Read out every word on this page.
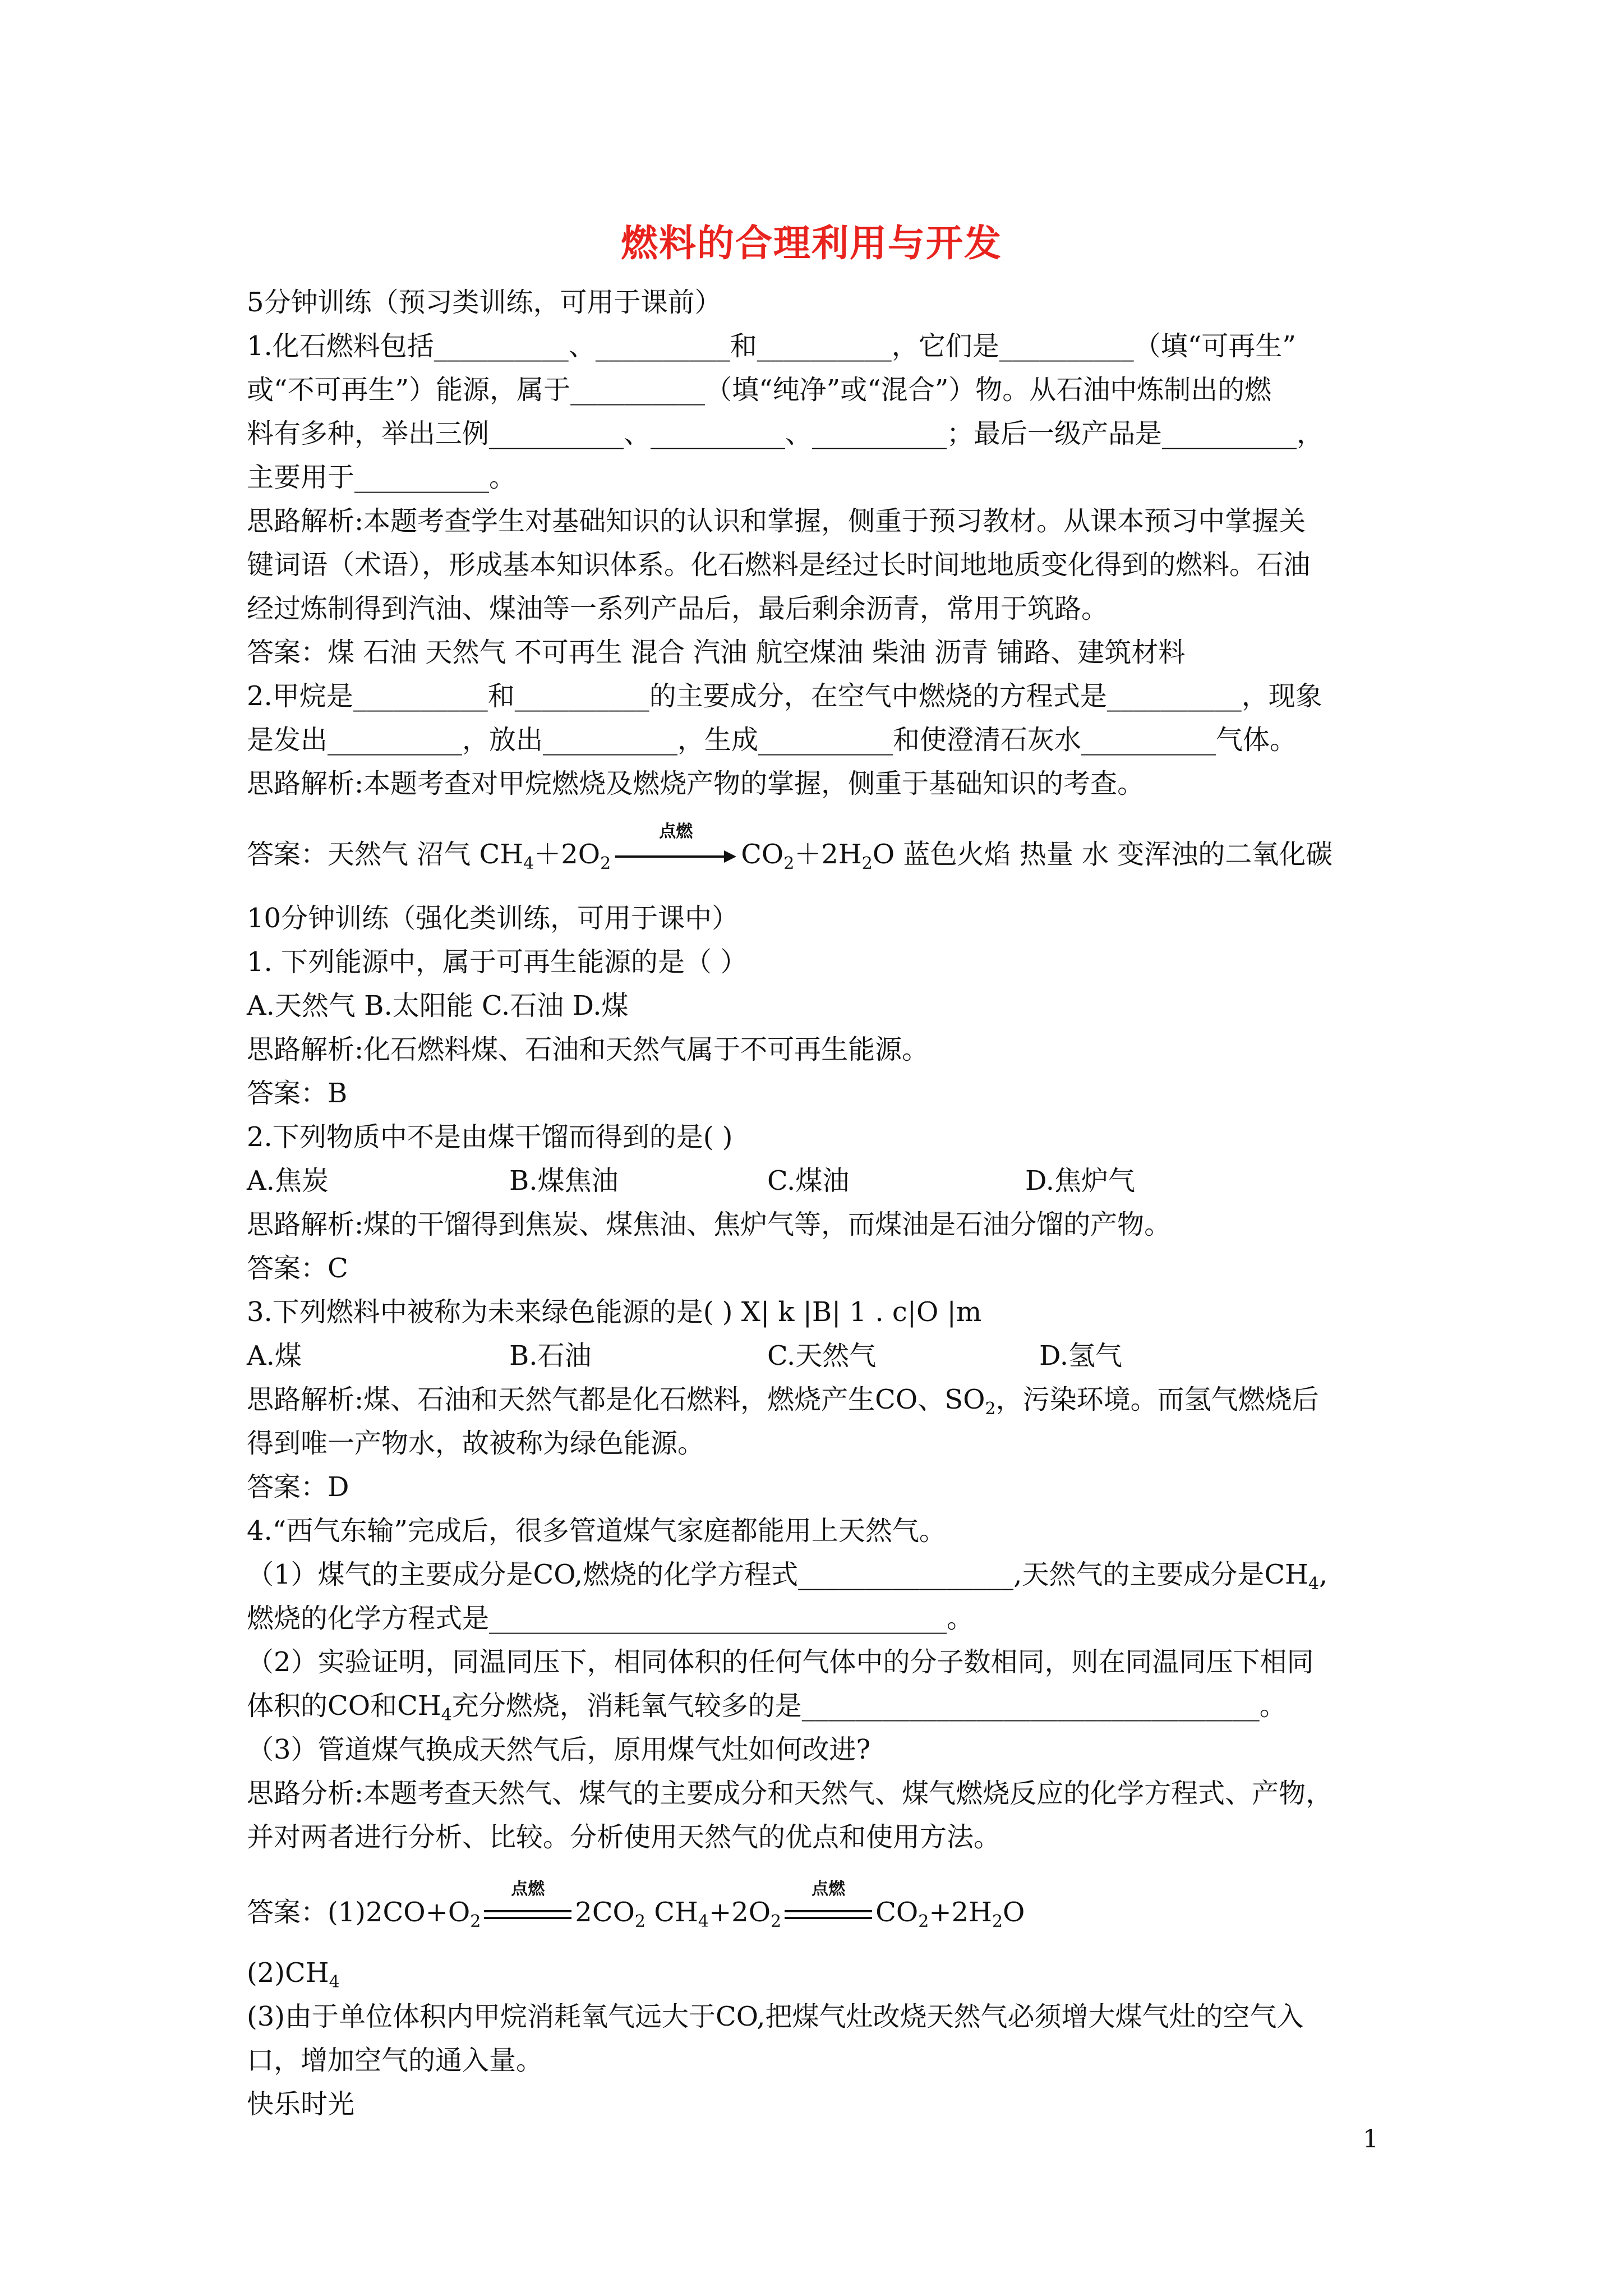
燃料的合理利用与开发
5分钟训练（预习类训练，可用于课前）
1.化石燃料包括__________、__________和__________，它们是__________（填“可再生”
或“不可再生”）能源，属于__________（填“纯净”或“混合”）物。从石油中炼制出的燃
料有多种，举出三例__________、__________、__________；最后一级产品是__________，
主要用于__________。
思路解析:本题考查学生对基础知识的认识和掌握，侧重于预习教材。从课本预习中掌握关
键词语（术语），形成基本知识体系。化石燃料是经过长时间地地质变化得到的燃料。石油
经过炼制得到汽油、煤油等一系列产品后，最后剩余沥青，常用于筑路。
答案：煤 石油 天然气 不可再生 混合 汽油 航空煤油 柴油 沥青 铺路、建筑材料
2.甲烷是__________和__________的主要成分，在空气中燃烧的方程式是__________，现象
是发出__________，放出__________，生成__________和使澄清石灰水__________气体。
思路解析:本题考查对甲烷燃烧及燃烧产物的掌握，侧重于基础知识的考查。
答案：天然气 沼气 $CH_4+2O_2$
点燃
$CO_2+2H_2O$ 蓝色火焰 热量 水 变浑浊的二氧化碳
10分钟训练（强化类训练，可用于课中）
1. 下列能源中，属于可再生能源的是（ ）
A.天然气 B.太阳能 C.石油 D.煤
思路解析:化石燃料煤、石油和天然气属于不可再生能源。
答案：B
2.下列物质中不是由煤干馏而得到的是( )
A.焦炭	B.煤焦油	C.煤油	D.焦炉气
思路解析:煤的干馏得到焦炭、煤焦油、焦炉气等，而煤油是石油分馏的产物。
答案：C
3.下列燃料中被称为未来绿色能源的是( ) X| k |B| 1 . c|O |m
A.煤	B.石油	C.天然气	D.氢气
思路解析:煤、石油和天然气都是化石燃料，燃烧产生CO、$SO_2$，污染环境。而氢气燃烧后
得到唯一产物水，故被称为绿色能源。
答案：D
4.“西气东输”完成后，很多管道煤气家庭都能用上天然气。
（1）煤气的主要成分是CO,燃烧的化学方程式________________,天然气的主要成分是$CH_4$,
燃烧的化学方程式是__________________________________。
（2）实验证明，同温同压下，相同体积的任何气体中的分子数相同，则在同温同压下相同
体积的CO和$CH_4$充分燃烧，消耗氧气较多的是__________________________________。
（3）管道煤气换成天然气后，原用煤气灶如何改进?
思路分析:本题考查天然气、煤气的主要成分和天然气、煤气燃烧反应的化学方程式、产物，
并对两者进行分析、比较。分析使用天然气的优点和使用方法。
答案：$(1)2CO+O_2$
点燃
$2CO_2$ $CH_4+2O_2$
点燃
$CO_2+2H_2O$
$(2)CH_4$
(3)由于单位体积内甲烷消耗氧气远大于CO,把煤气灶改烧天然气必须增大煤气灶的空气入
口，增加空气的通入量。
快乐时光
1
